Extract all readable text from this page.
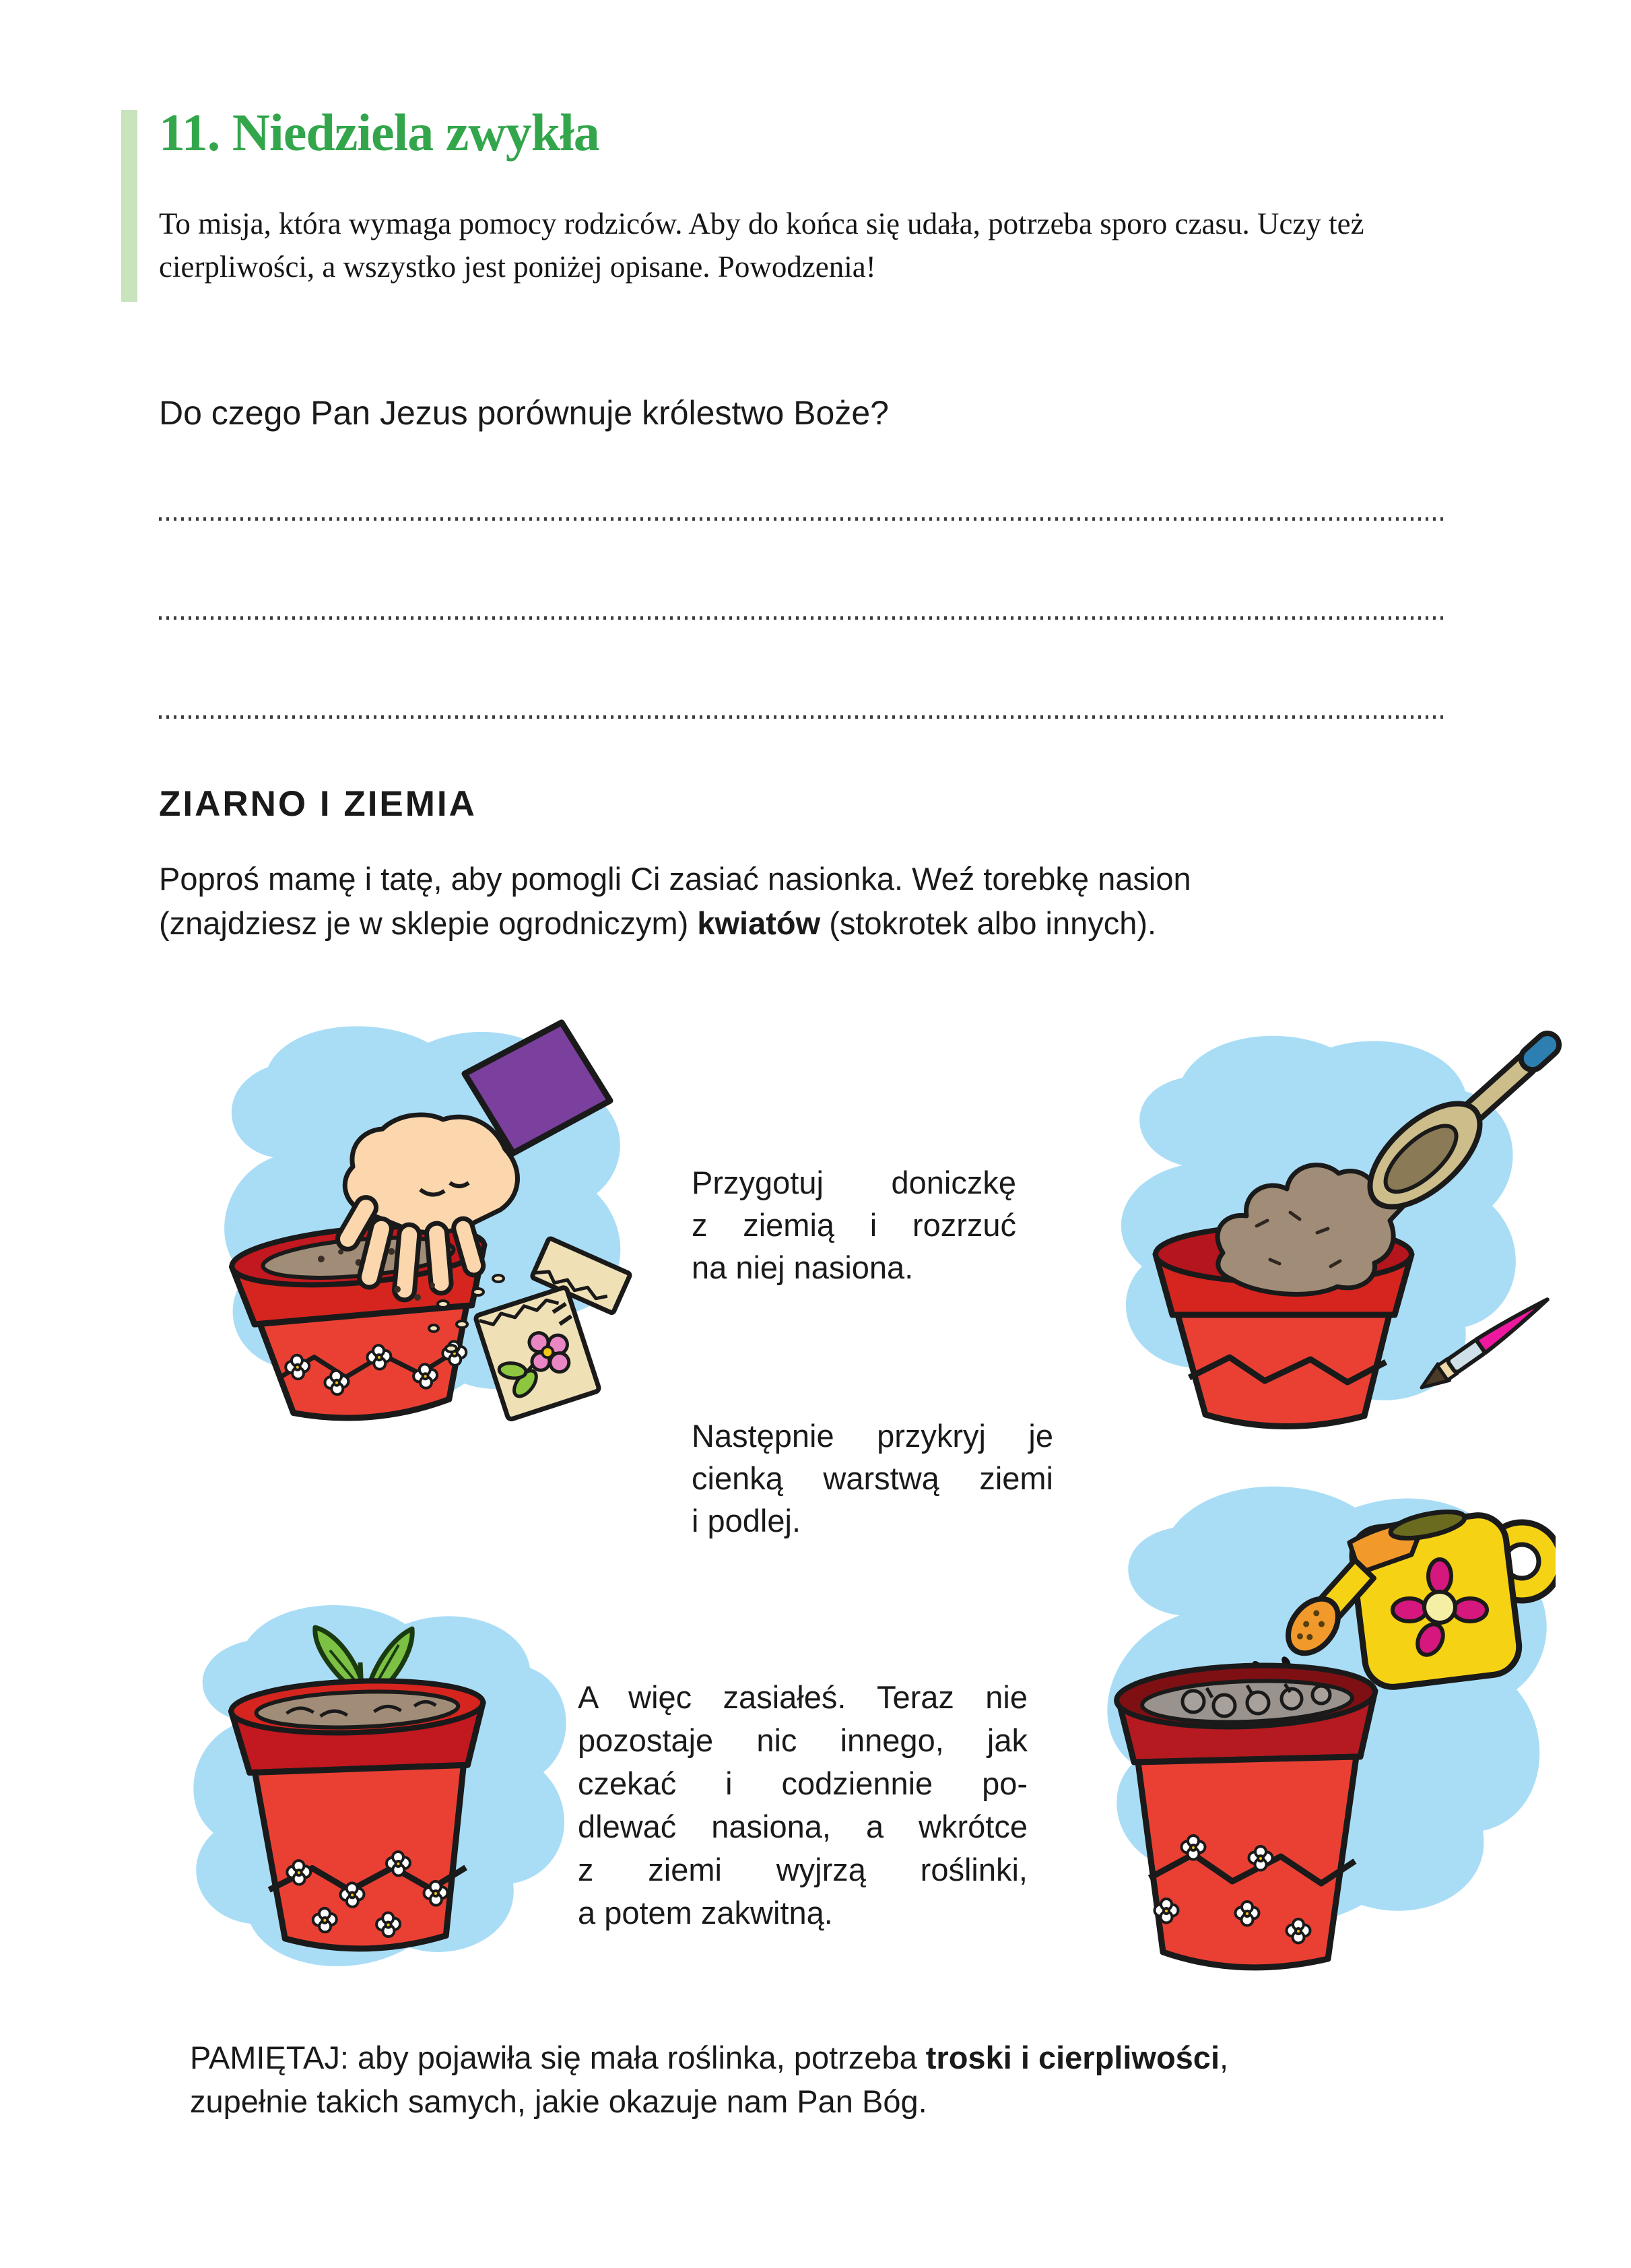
11. Niedziela zwykła
To misja, która wymaga pomocy rodziców. Aby do końca się udała, potrzeba sporo czasu. Uczy też
cierpliwości, a wszystko jest poniżej opisane. Powodzenia!
Do czego Pan Jezus porównuje królestwo Boże?
ZIARNO I ZIEMIA
Poproś mamę i tatę, aby pomogli Ci zasiać nasionka. Weź torebkę nasion
(znajdziesz je w sklepie ogrodniczym) kwiatów (stokrotek albo innych).
Przygotuj doniczkę
z ziemią i rozrzuć
na niej nasiona.
Następnie przykryj je
cienką warstwą ziemi
i podlej.
A więc zasiałeś. Teraz nie
pozostaje nic innego, jak
czekać i codziennie po-
dlewać nasiona, a wkrótce
z ziemi wyjrzą roślinki,
a potem zakwitną.
PAMIĘTAJ: aby pojawiła się mała roślinka, potrzeba troski i cierpliwości,
zupełnie takich samych, jakie okazuje nam Pan Bóg.
